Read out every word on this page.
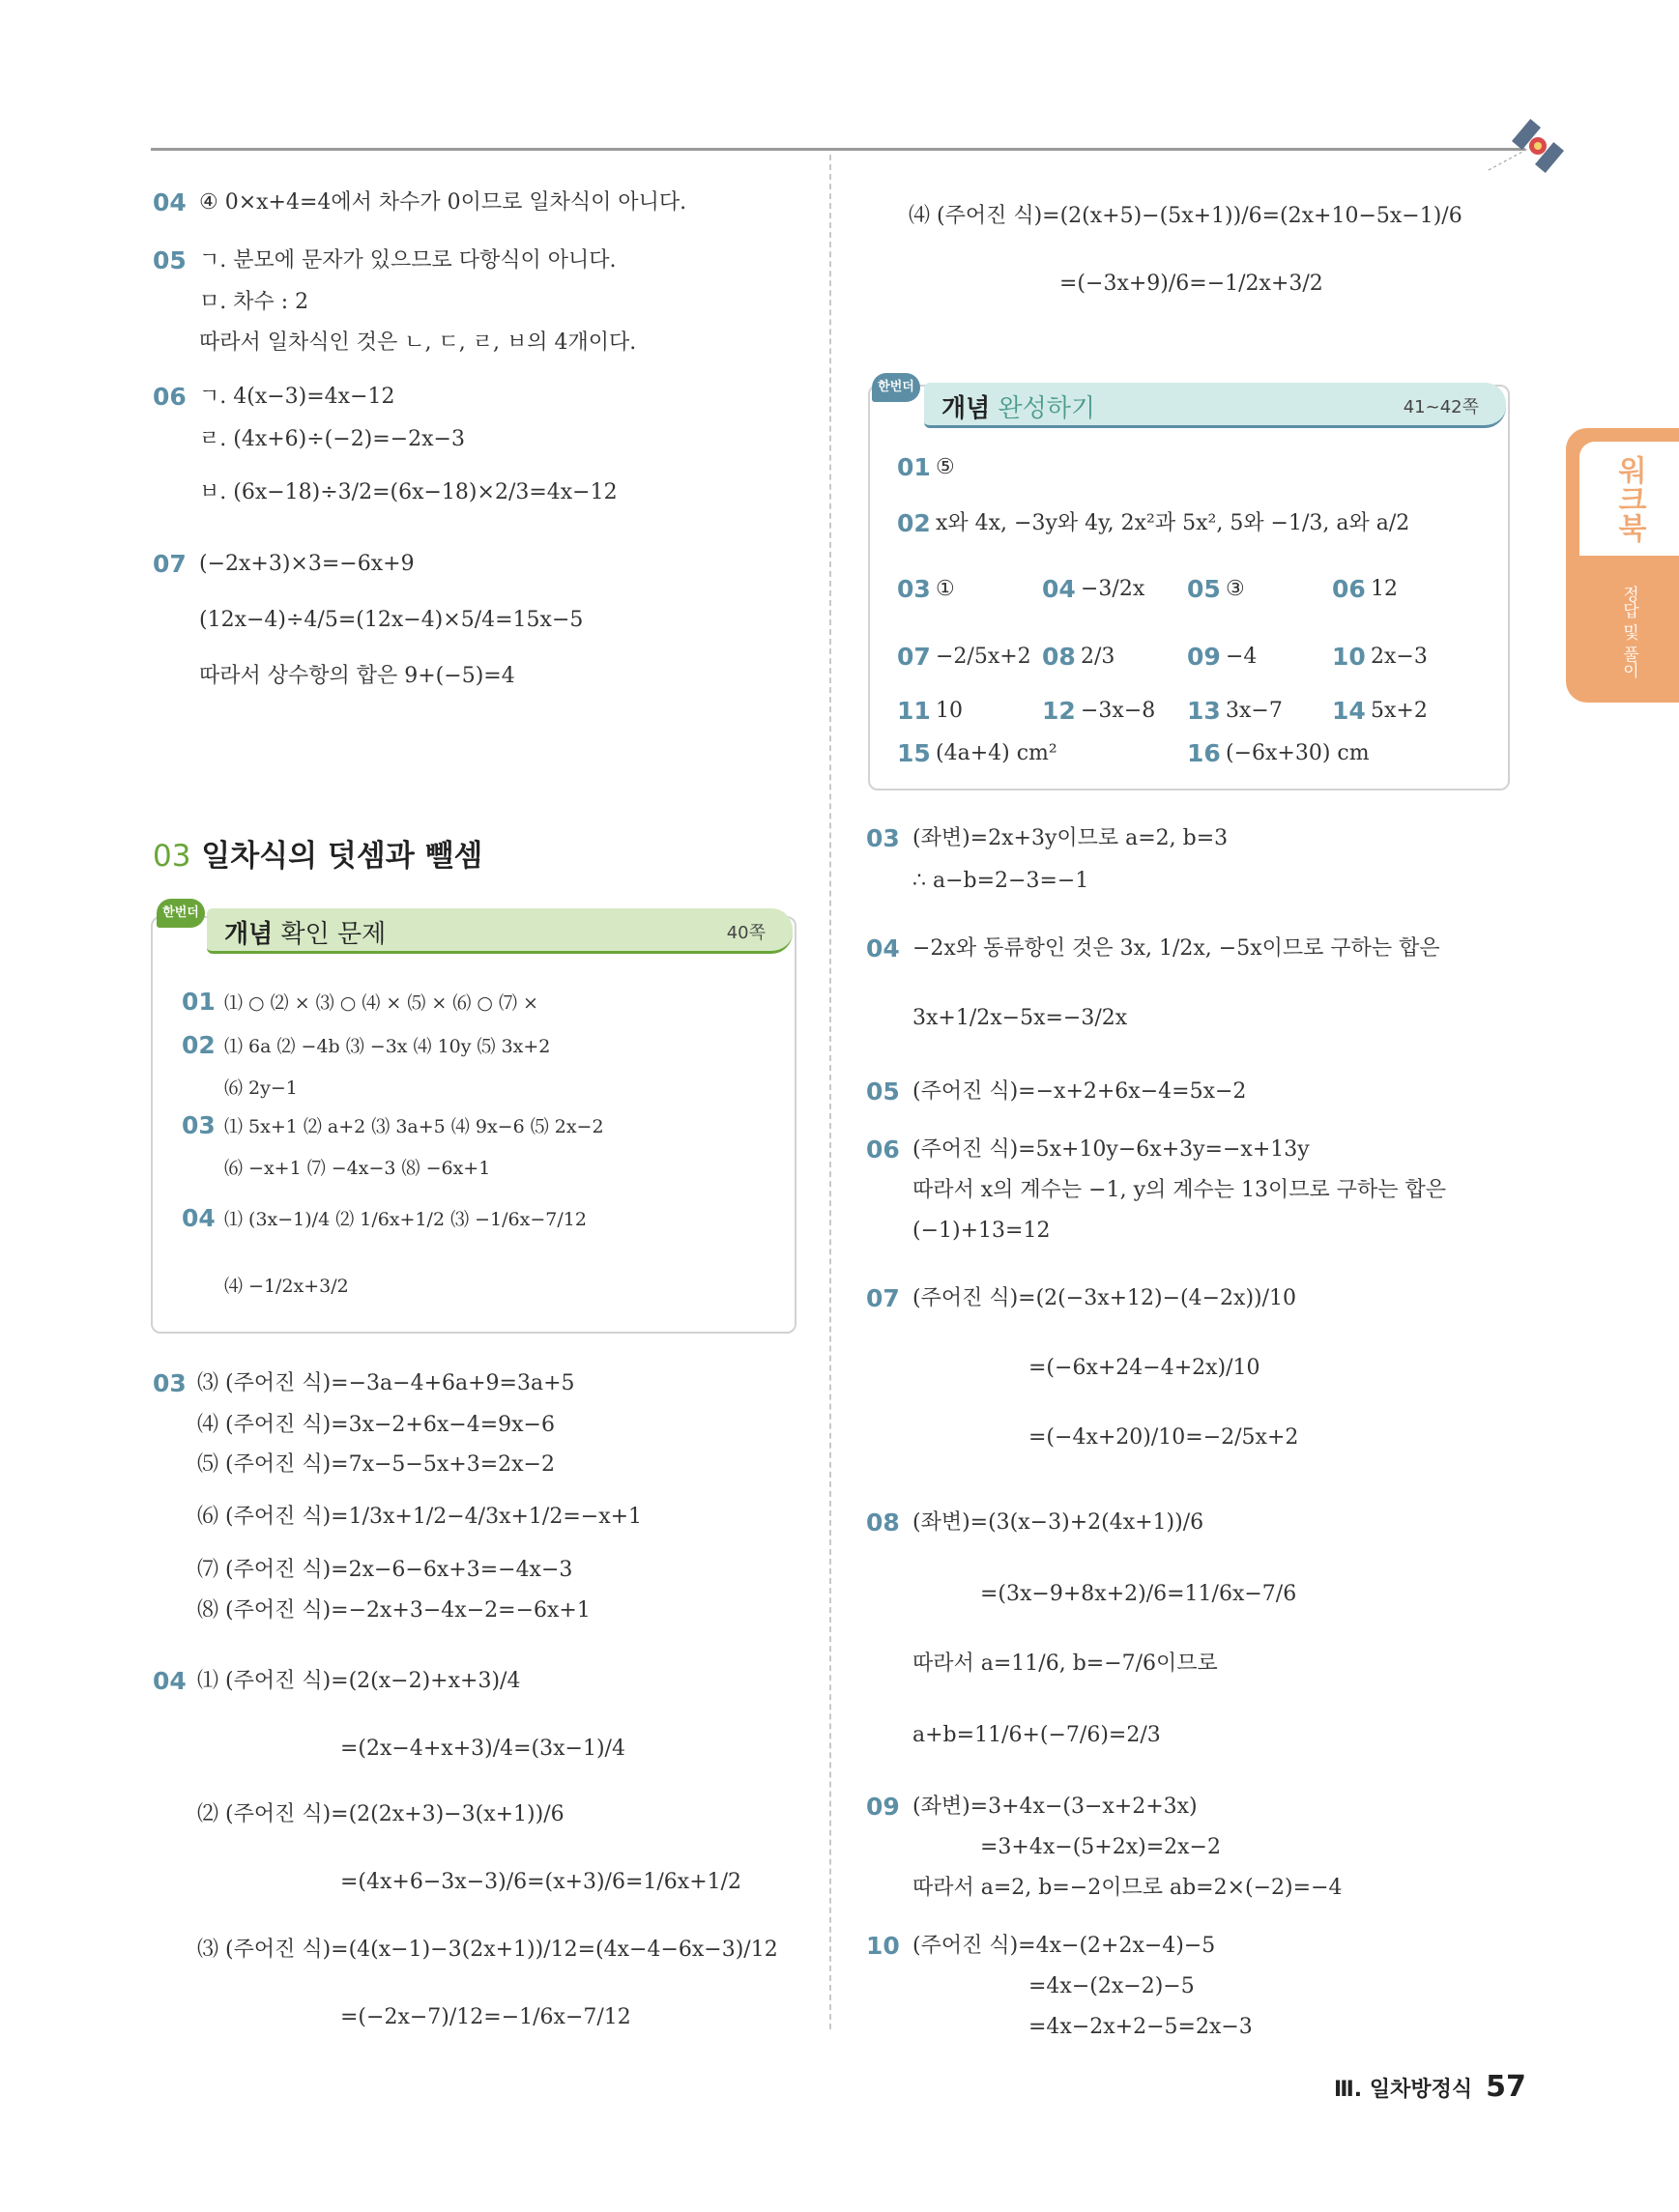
04 ④ 0×x+4=4에서 차수가 0이므로 일차식이 아니다.
05 ㄱ. 분모에 문자가 있으므로 다항식이 아니다.
ㅁ. 차수 : 2
따라서 일차식인 것은 ㄴ, ㄷ, ㄹ, ㅂ의 4개이다.
06 ㄱ. 4(x−3)=4x−12
ㄹ. (4x+6)÷(−2)=−2x−3
ㅂ. (6x−18)÷3/2=(6x−18)×2/3=4x−12
07 (−2x+3)×3=−6x+9
(12x−4)÷4/5=(12x−4)×5/4=15x−5
따라서 상수항의 합은 9+(−5)=4
03 일차식의 덧셈과 뺄셈
개념 확인 문제	40쪽
한번더
01 ⑴ ○ ⑵ × ⑶ ○ ⑷ × ⑸ × ⑹ ○ ⑺ ×
02 ⑴ 6a ⑵ −4b ⑶ −3x ⑷ 10y ⑸ 3x+2
⑹ 2y−1
03 ⑴ 5x+1 ⑵ a+2 ⑶ 3a+5 ⑷ 9x−6 ⑸ 2x−2
⑹ −x+1 ⑺ −4x−3 ⑻ −6x+1
04 ⑴ (3x−1)/4 ⑵ 1/6x+1/2 ⑶ −1/6x−7/12
⑷ −1/2x+3/2
03 ⑶ (주어진 식)=−3a−4+6a+9=3a+5
⑷ (주어진 식)=3x−2+6x−4=9x−6
⑸ (주어진 식)=7x−5−5x+3=2x−2
⑹ (주어진 식)=1/3x+1/2−4/3x+1/2=−x+1
⑺ (주어진 식)=2x−6−6x+3=−4x−3
⑻ (주어진 식)=−2x+3−4x−2=−6x+1
04 ⑴ (주어진 식)=(2(x−2)+x+3)/4
=(2x−4+x+3)/4=(3x−1)/4
⑵ (주어진 식)=(2(2x+3)−3(x+1))/6
=(4x+6−3x−3)/6=(x+3)/6=1/6x+1/2
⑶ (주어진 식)=(4(x−1)−3(2x+1))/12=(4x−4−6x−3)/12
=(−2x−7)/12=−1/6x−7/12
⑷ (주어진 식)=(2(x+5)−(5x+1))/6=(2x+10−5x−1)/6
=(−3x+9)/6=−1/2x+3/2
개념 완성하기	41~42쪽
한번더
01 ⑤
02 x와 4x, −3y와 4y, 2x²과 5x², 5와 −1/3, a와 a/2
03 ①	04 −3/2x 05 ③	06 12
07 −2/5x+2 08 2/3	09 −4	10 2x−3
11 10	12 −3x−8 13 3x−7 14 5x+2
15 (4a+4) cm²	16 (−6x+30) cm
03 (좌변)=2x+3y이므로 a=2, b=3
∴ a−b=2−3=−1
04 −2x와 동류항인 것은 3x, 1/2x, −5x이므로 구하는 합은
3x+1/2x−5x=−3/2x
05 (주어진 식)=−x+2+6x−4=5x−2
06 (주어진 식)=5x+10y−6x+3y=−x+13y
따라서 x의 계수는 −1, y의 계수는 13이므로 구하는 합은
(−1)+13=12
07 (주어진 식)=(2(−3x+12)−(4−2x))/10
=(−6x+24−4+2x)/10
=(−4x+20)/10=−2/5x+2
08 (좌변)=(3(x−3)+2(4x+1))/6
=(3x−9+8x+2)/6=11/6x−7/6
따라서 a=11/6, b=−7/6이므로
a+b=11/6+(−7/6)=2/3
09 (좌변)=3+4x−(3−x+2+3x)
=3+4x−(5+2x)=2x−2
따라서 a=2, b=−2이므로 ab=2×(−2)=−4
10 (주어진 식)=4x−(2+2x−4)−5
=4x−(2x−2)−5
=4x−2x+2−5=2x−3
워크북
정답 및 풀이
Ⅲ. 일차방정식 57
